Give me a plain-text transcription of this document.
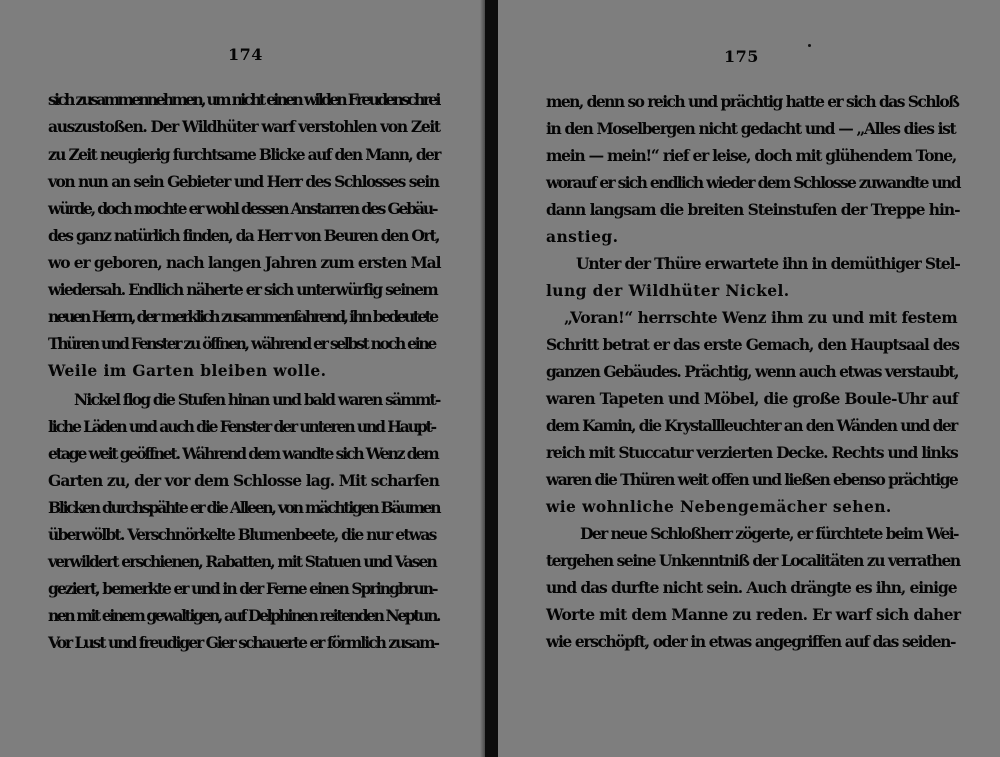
174
sich zusammennehmen, um nicht einen wilden Freudenschrei
auszustoßen. Der Wildhüter warf verstohlen von Zeit
zu Zeit neugierig furchtsame Blicke auf den Mann, der
von nun an sein Gebieter und Herr des Schlosses sein
würde, doch mochte er wohl dessen Anstarren des Gebäu-
des ganz natürlich finden, da Herr von Beuren den Ort,
wo er geboren, nach langen Jahren zum ersten Mal
wiedersah. Endlich näherte er sich unterwürfig seinem
neuen Herrn, der merklich zusammenfahrend, ihn bedeutete
Thüren und Fenster zu öffnen, während er selbst noch eine
Weile im Garten bleiben wolle.
Nickel flog die Stufen hinan und bald waren sämmt-
liche Läden und auch die Fenster der unteren und Haupt-
etage weit geöffnet. Während dem wandte sich Wenz dem
Garten zu, der vor dem Schlosse lag. Mit scharfen
Blicken durchspähte er die Alleen, von mächtigen Bäumen
überwölbt. Verschnörkelte Blumenbeete, die nur etwas
verwildert erschienen, Rabatten, mit Statuen und Vasen
geziert, bemerkte er und in der Ferne einen Springbrun-
nen mit einem gewaltigen, auf Delphinen reitenden Neptun.
Vor Lust und freudiger Gier schauerte er förmlich zusam-
175
men, denn so reich und prächtig hatte er sich das Schloß
in den Moselbergen nicht gedacht und — „Alles dies ist
mein — mein!“ rief er leise, doch mit glühendem Tone,
worauf er sich endlich wieder dem Schlosse zuwandte und
dann langsam die breiten Steinstufen der Treppe hin-
anstieg.
Unter der Thüre erwartete ihn in demüthiger Stel-
lung der Wildhüter Nickel.
„Voran!“ herrschte Wenz ihm zu und mit festem
Schritt betrat er das erste Gemach, den Hauptsaal des
ganzen Gebäudes. Prächtig, wenn auch etwas verstaubt,
waren Tapeten und Möbel, die große Boule-Uhr auf
dem Kamin, die Krystallleuchter an den Wänden und der
reich mit Stuccatur verzierten Decke. Rechts und links
waren die Thüren weit offen und ließen ebenso prächtige
wie wohnliche Nebengemächer sehen.
Der neue Schloßherr zögerte, er fürchtete beim Wei-
tergehen seine Unkenntniß der Localitäten zu verrathen
und das durfte nicht sein. Auch drängte es ihn, einige
Worte mit dem Manne zu reden. Er warf sich daher
wie erschöpft, oder in etwas angegriffen auf das seiden-
